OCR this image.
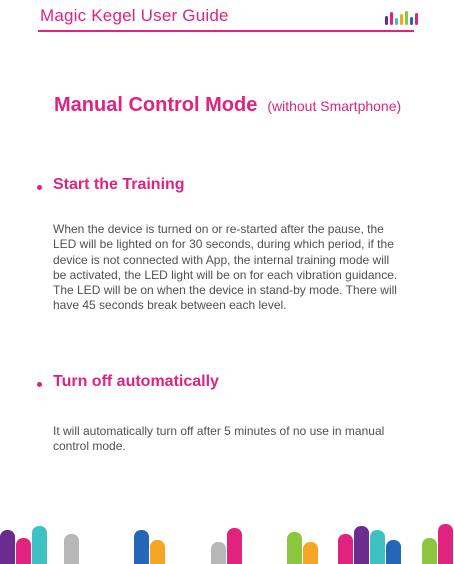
Magic Kegel User Guide
Manual Control Mode (without Smartphone)
Start the Training
When the device is turned on or re-started after the pause, the LED will be lighted on for 30 seconds, during which period, if the device is not connected with App, the internal training mode will be activated, the LED light will be on for each vibration guidance. The LED will be on when the device in stand-by mode. There will have 45 seconds break between each level.
Turn off automatically
It will automatically turn off after 5 minutes of no use in manual control mode.
